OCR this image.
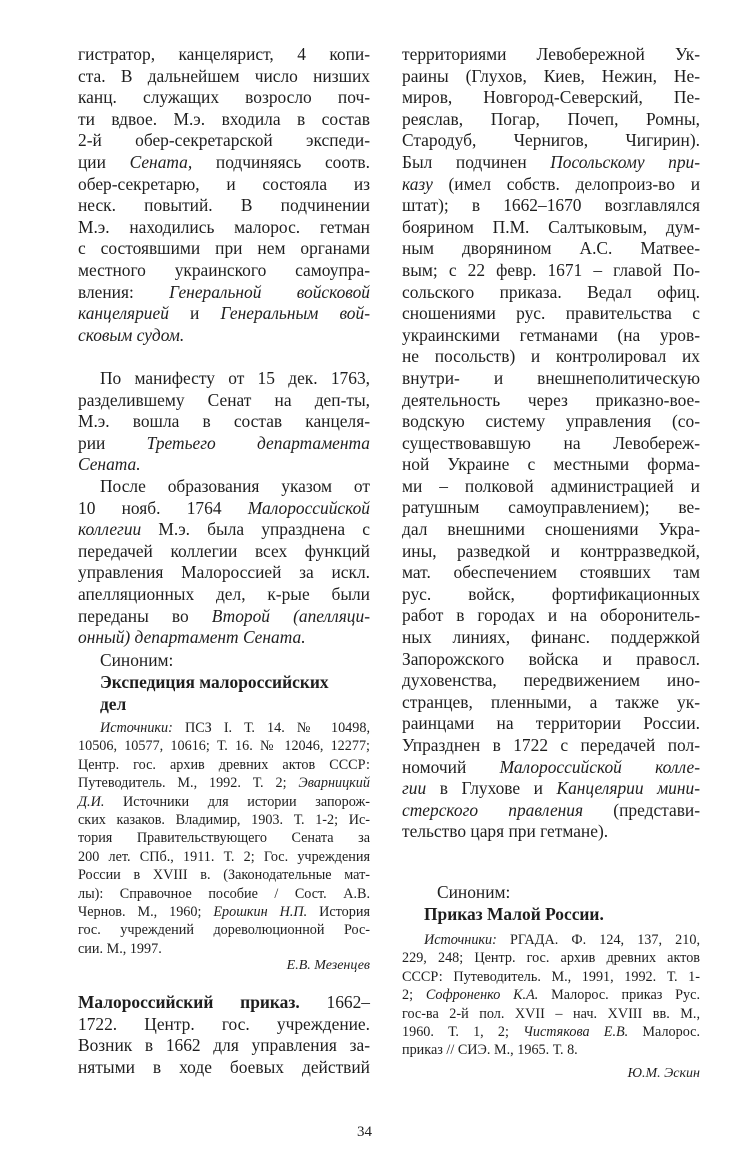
гистратор, канцелярист, 4 копи-
ста. В дальнейшем число низших
канц. служащих возросло поч-
ти вдвое. М.э. входила в состав
2-й обер-секретарской экспеди-
ции Сената, подчиняясь соотв.
обер-секретарю, и состояла из
неск. повытий. В подчинении
М.э. находились малорос. гетман
с состоявшими при нем органами
местного украинского самоупра-
вления: Генеральной войсковой
канцелярией и Генеральным вой-
сковым судом.
По манифесту от 15 дек. 1763,
разделившему Сенат на деп-ты,
М.э. вошла в состав канцеля-
рии Третьего департамента
Сената.
После образования указом от
10 нояб. 1764 Малороссийской
коллегии М.э. была упразднена с
передачей коллегии всех функций
управления Малороссией за искл.
апелляционных дел, к-рые были
переданы во Второй (апелляци-
онный) департамент Сената.
Синоним:
Экспедиция малороссийских
дел
Источники: ПСЗ I. Т. 14. № 10498,
10506, 10577, 10616; Т. 16. № 12046, 12277;
Центр. гос. архив древних актов СССР:
Путеводитель. М., 1992. Т. 2; Эварницкий
Д.И. Источники для истории запорож-
ских казаков. Владимир, 1903. Т. 1-2; Ис-
тория Правительствующего Сената за
200 лет. СПб., 1911. Т. 2; Гос. учреждения
России в XVIII в. (Законодательные мат-
лы): Справочное пособие / Сост. А.В.
Чернов. М., 1960; Ерошкин Н.П. История
гос. учреждений дореволюционной Рос-
сии. М., 1997.
Е.В. Мезенцев
Малороссийский приказ. 1662–
1722. Центр. гос. учреждение.
Возник в 1662 для управления за-
нятыми в ходе боевых действий
территориями Левобережной Ук-
раины (Глухов, Киев, Нежин, Не-
миров, Новгород-Северский, Пе-
реяслав, Погар, Почеп, Ромны,
Стародуб, Чернигов, Чигирин).
Был подчинен Посольскому при-
казу (имел собств. делопроиз-во и
штат); в 1662–1670 возглавлялся
боярином П.М. Салтыковым, дум-
ным дворянином А.С. Матвее-
вым; с 22 февр. 1671 – главой По-
сольского приказа. Ведал офиц.
сношениями рус. правительства с
украинскими гетманами (на уров-
не посольств) и контролировал их
внутри- и внешнеполитическую
деятельность через приказно-вое-
водскую систему управления (со-
существовавшую на Левобереж-
ной Украине с местными форма-
ми – полковой администрацией и
ратушным самоуправлением); ве-
дал внешними сношениями Укра-
ины, разведкой и контрразведкой,
мат. обеспечением стоявших там
рус. войск, фортификационных
работ в городах и на оборонитель-
ных линиях, финанс. поддержкой
Запорожского войска и правосл.
духовенства, передвижением ино-
странцев, пленными, а также ук-
раинцами на территории России.
Упразднен в 1722 с передачей пол-
номочий Малороссийской колле-
гии в Глухове и Канцелярии мини-
стерского правления (представи-
тельство царя при гетмане).
Синоним:
Приказ Малой России.
Источники: РГАДА. Ф. 124, 137, 210,
229, 248; Центр. гос. архив древних актов
СССР: Путеводитель. М., 1991, 1992. Т. 1-
2; Софроненко К.А. Малорос. приказ Рус.
гос-ва 2-й пол. XVII – нач. XVIII вв. М.,
1960. Т. 1, 2; Чистякова Е.В. Малорос.
приказ // СИЭ. М., 1965. Т. 8.
Ю.М. Эскин
34
